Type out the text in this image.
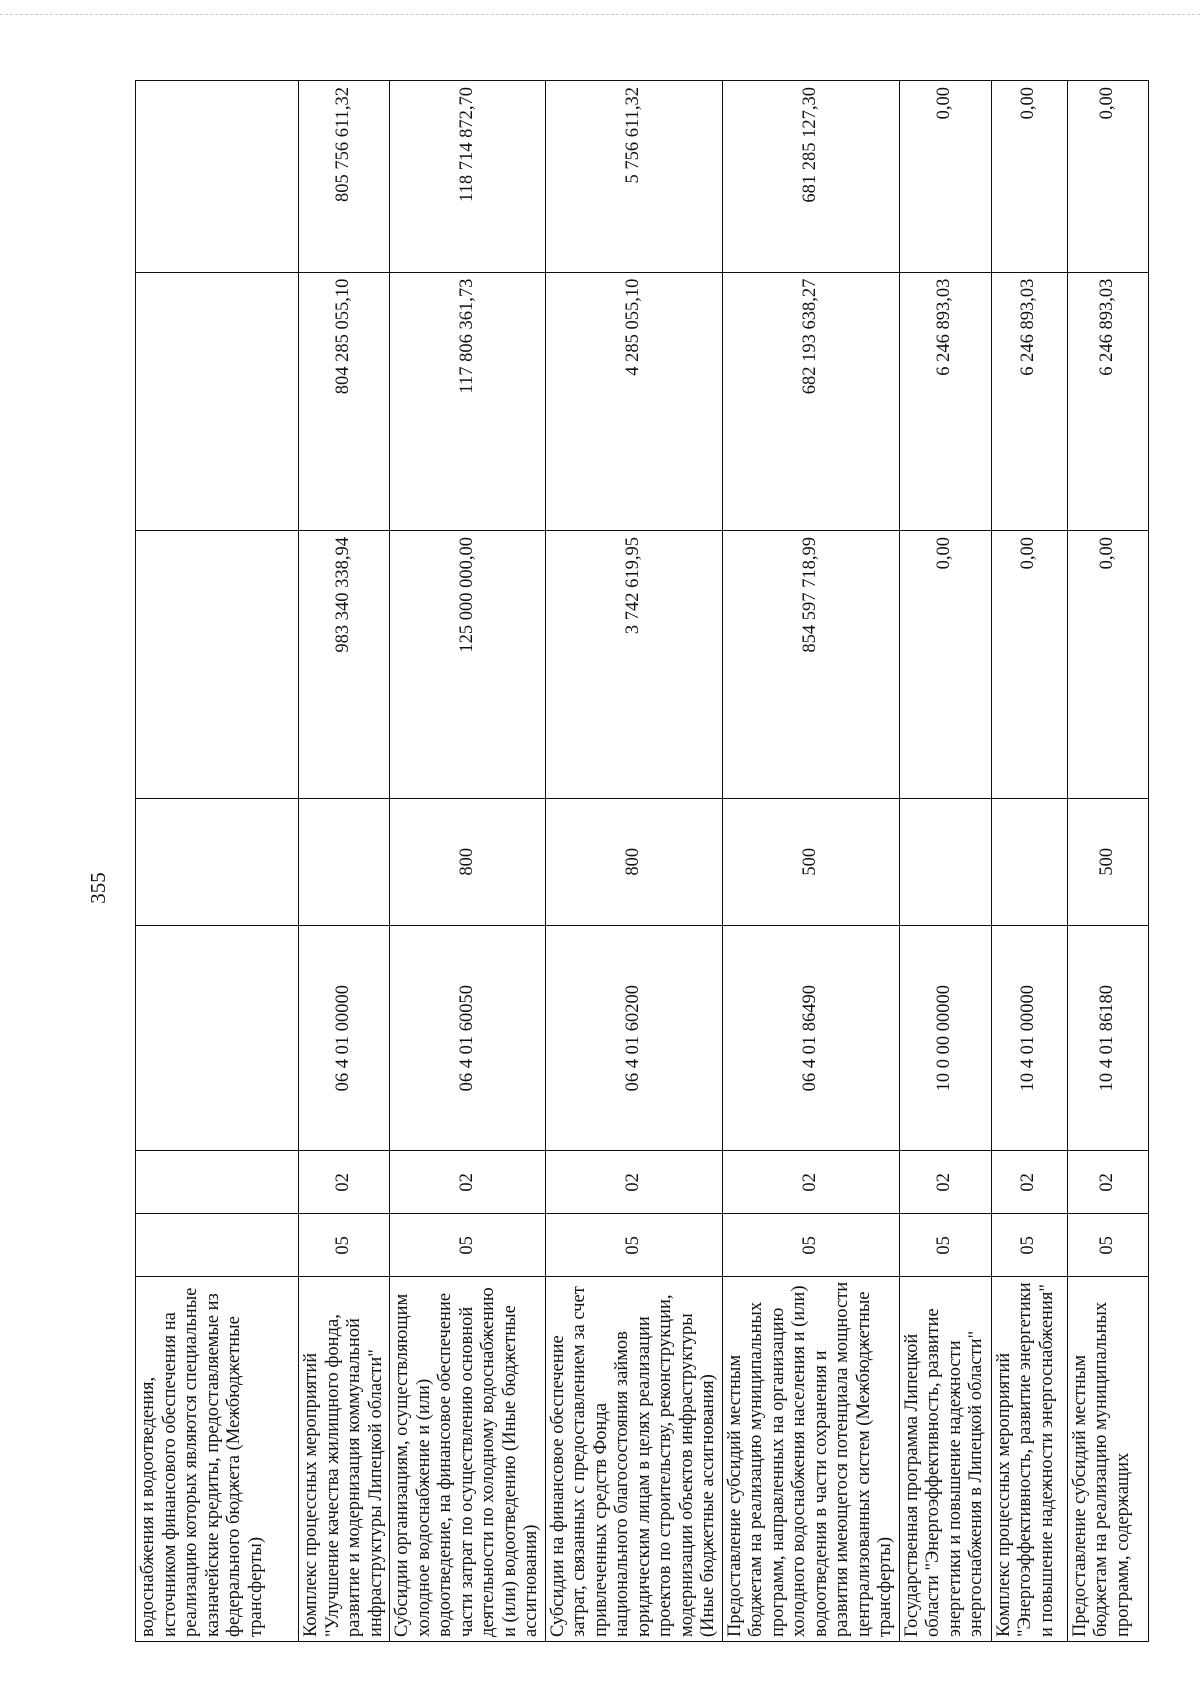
355
водоснабжения и водоотведения, источником финансового обеспечения на реализацию которых являются специальные казначейские кредиты, предоставляемые из федерального бюджета (Межбюджетные трансферты)							
Комплекс процессных мероприятий "Улучшение качества жилищного фонда, развитие и модернизация коммунальной инфраструктуры Липецкой области"	05	02	06 4 01 00000		983 340 338,94	804 285 055,10	805 756 611,32
Субсидии организациям, осуществляющим холодное водоснабжение и (или) водоотведение, на финансовое обеспечение части затрат по осуществлению основной деятельности по холодному водоснабжению и (или) водоотведению (Иные бюджетные ассигнования)	05	02	06 4 01 60050	800	125 000 000,00	117 806 361,73	118 714 872,70
Субсидии на финансовое обеспечение затрат, связанных с предоставлением за счет привлеченных средств Фонда национального благосостояния займов юридическим лицам в целях реализации проектов по строительству, реконструкции, модернизации объектов инфраструктуры (Иные бюджетные ассигнования)	05	02	06 4 01 60200	800	3 742 619,95	4 285 055,10	5 756 611,32
Предоставление субсидий местным бюджетам на реализацию муниципальных программ, направленных на организацию холодного водоснабжения населения и (или) водоотведения в части сохранения и развития имеющегося потенциала мощности централизованных систем (Межбюджетные трансферты)	05	02	06 4 01 86490	500	854 597 718,99	682 193 638,27	681 285 127,30
Государственная программа Липецкой области "Энергоэффективность, развитие энергетики и повышение надежности энергоснабжения в Липецкой области"	05	02	10 0 00 00000		0,00	6 246 893,03	0,00
Комплекс процессных мероприятий "Энергоэффективность, развитие энергетики и повышение надежности энергоснабжения"	05	02	10 4 01 00000		0,00	6 246 893,03	0,00
Предоставление субсидий местным бюджетам на реализацию муниципальных программ, содержащих	05	02	10 4 01 86180	500	0,00	6 246 893,03	0,00
